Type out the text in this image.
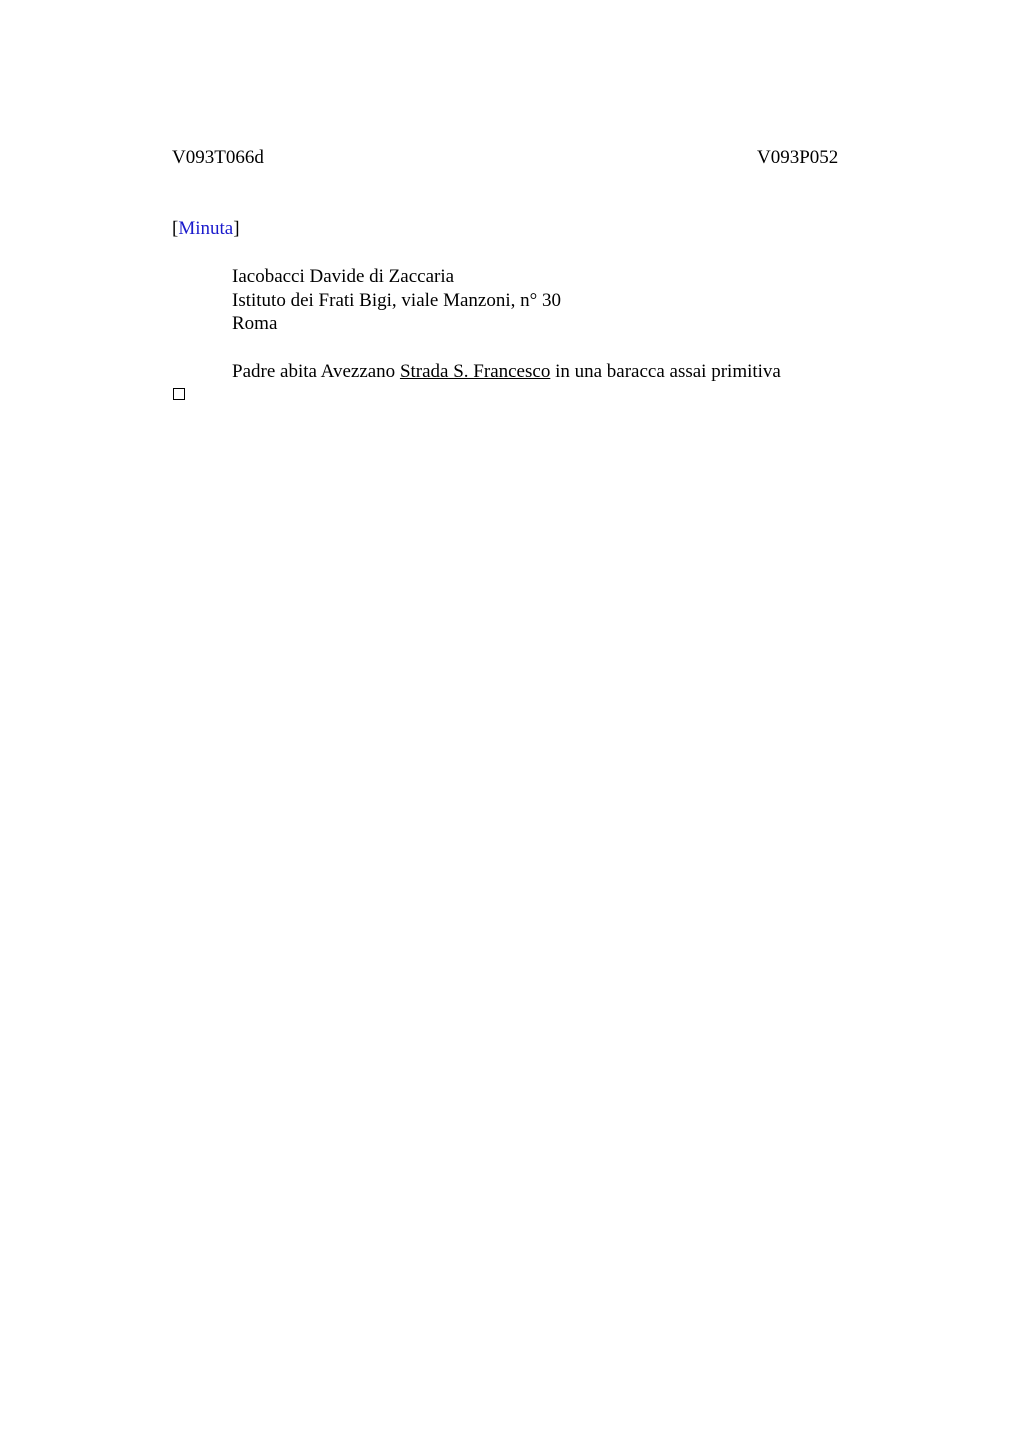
V093T066d	V093P052
[Minuta]
Iacobacci Davide di Zaccaria
Istituto dei Frati Bigi, viale Manzoni, n° 30
Roma
Padre abita Avezzano Strada S. Francesco in una baracca assai primitiva
